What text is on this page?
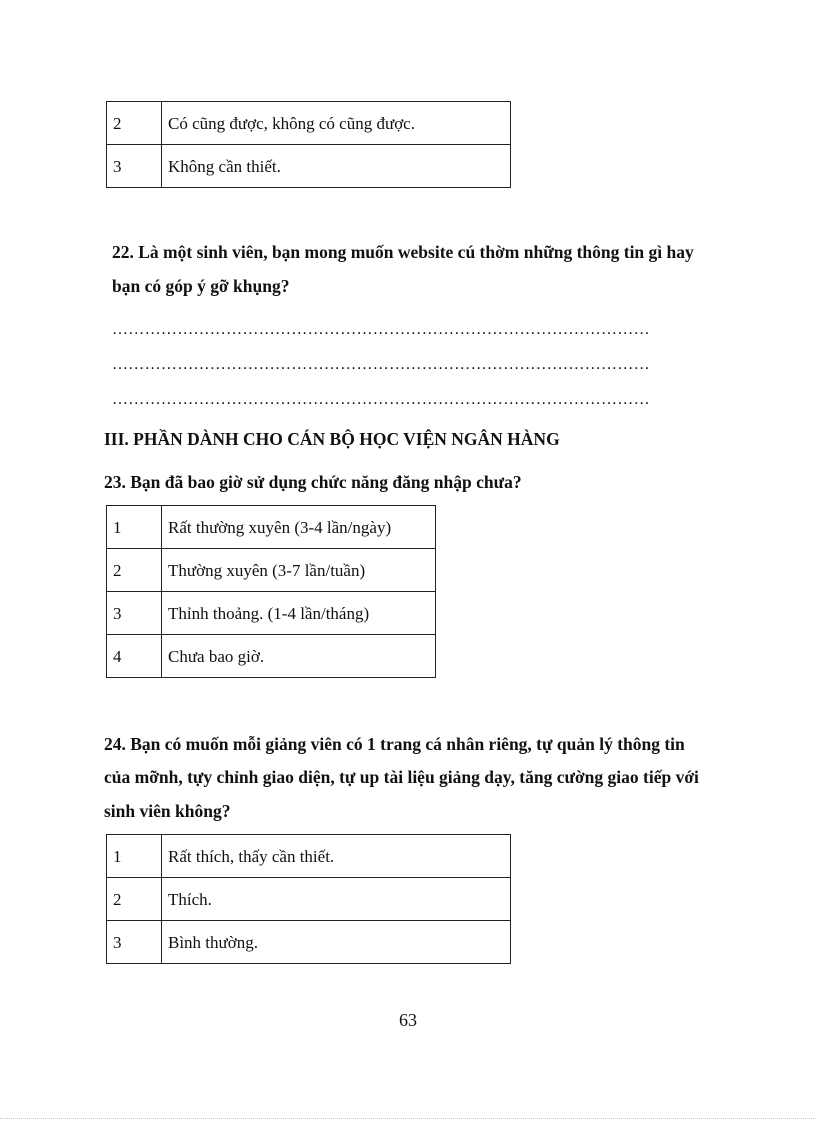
2	Có cũng được, không có cũng được.
3	Không cần thiết.
22. Là một sinh viên, bạn mong muốn website cú thờm những thông tin gì hay
bạn có góp ý gỡ khụng?
………………………………………………………………………………………
………………………………………………………………………………………
………………………………………………………………………………………
III. PHẦN DÀNH CHO CÁN BỘ HỌC VIỆN NGÂN HÀNG
23. Bạn đã bao giờ sử dụng chức năng đăng nhập chưa?
1	Rất thường xuyên (3-4 lần/ngày)
2	Thường xuyên (3-7 lần/tuần)
3	Thỉnh thoảng. (1-4 lần/tháng)
4	Chưa bao giờ.
24. Bạn có muốn mỗi giảng viên có 1 trang cá nhân riêng, tự quản lý thông tin
của mỡnh, tựy chỉnh giao diện, tự up tài liệu giảng dạy, tăng cường giao tiếp với
sinh viên không?
1	Rất thích, thấy cần thiết.
2	Thích.
3	Bình thường.
63
